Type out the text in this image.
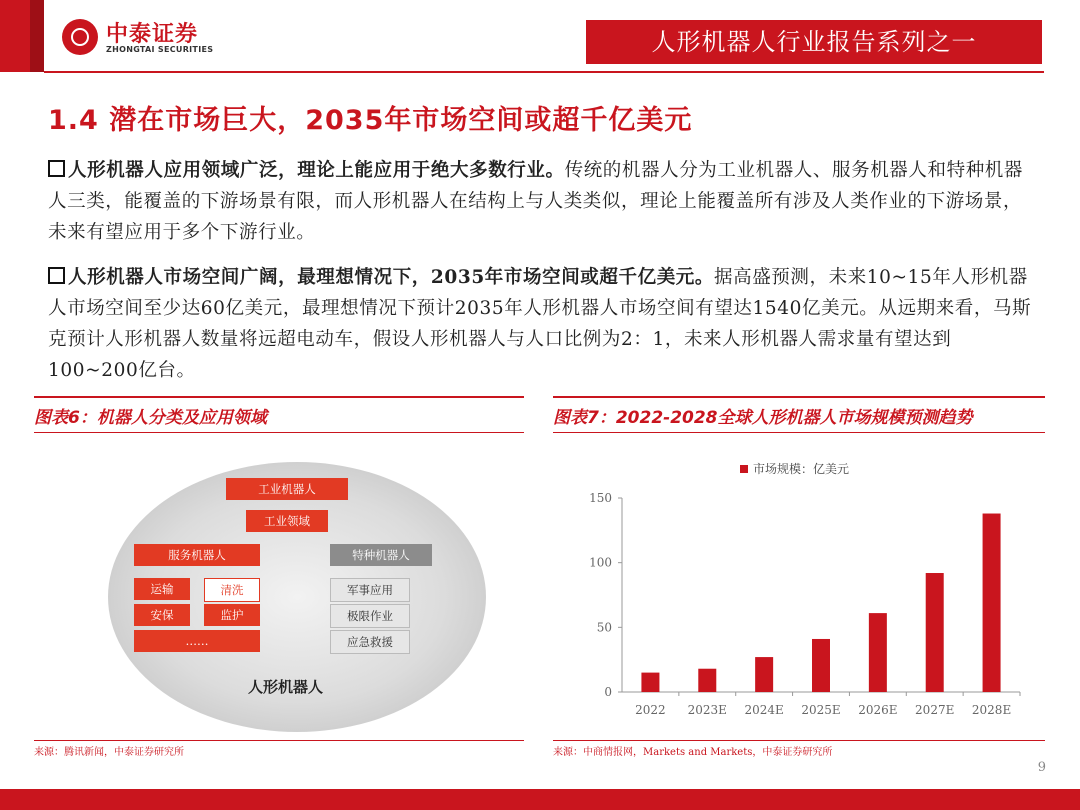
中泰证券
ZHONGTAI SECURITIES	人形机器人行业报告系列之一
1.4 潜在市场巨大，2035年市场空间或超千亿美元
人形机器人应用领域广泛，理论上能应用于绝大多数行业。传统的机器人分为工业机器人、服务机器人和特种机器人三类，能覆盖的下游场景有限，而人形机器人在结构上与人类类似，理论上能覆盖所有涉及人类作业的下游场景，未来有望应用于多个下游行业。
人形机器人市场空间广阔，最理想情况下，2035年市场空间或超千亿美元。据高盛预测，未来10~15年人形机器人市场空间至少达60亿美元，最理想情况下预计2035年人形机器人市场空间有望达1540亿美元。从远期来看，马斯克预计人形机器人数量将远超电动车，假设人形机器人与人口比例为2：1，未来人形机器人需求量有望达到100~200亿台。
图表6：机器人分类及应用领域	图表7：2022-2028全球人形机器人市场规模预测趋势
工业机器人
工业领域
服务机器人	特种机器人
运输	清洗
安保	监护
……
军事应用
极限作业
应急救援
人形机器人
市场规模：亿美元
0
50
100
150
2022 2023E 2024E 2025E 2026E 2027E 2028E
来源：腾讯新闻，中泰证券研究所	来源：中商情报网，Markets and Markets，中泰证券研究所
9
